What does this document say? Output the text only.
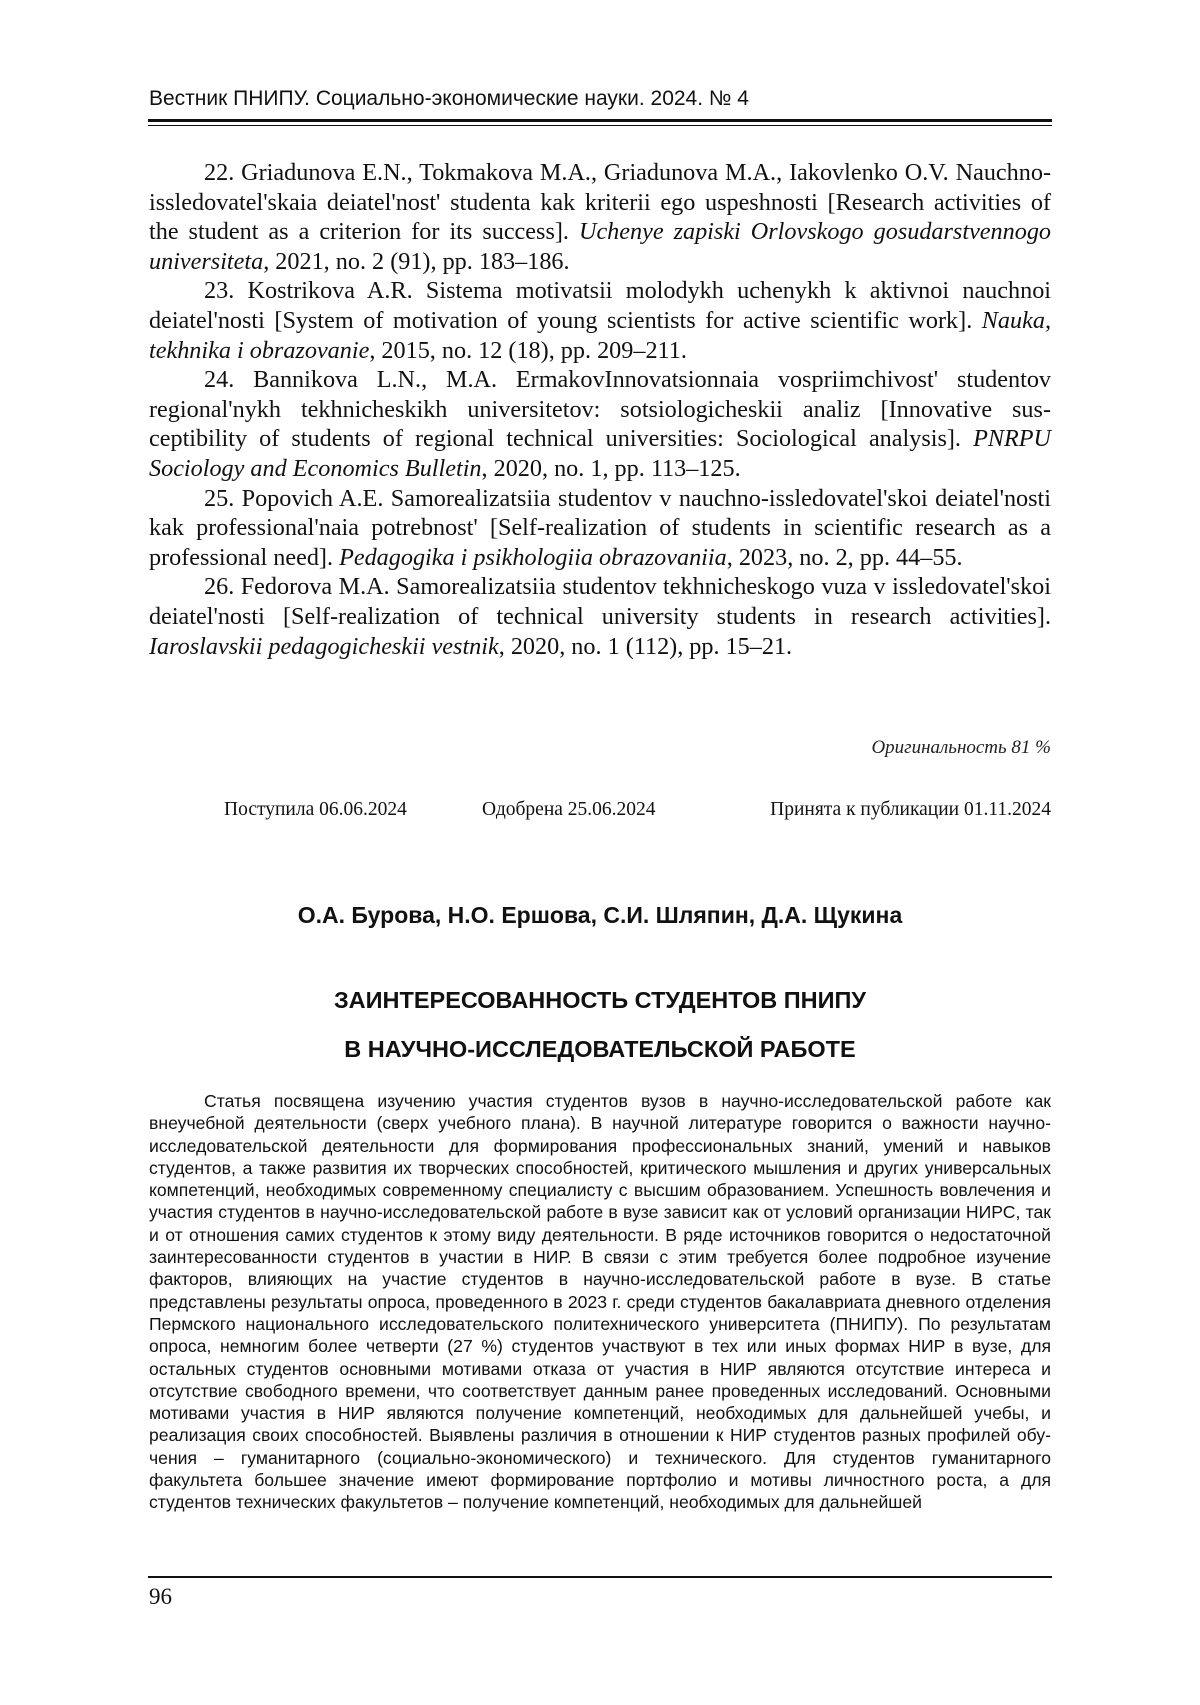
Вестник ПНИПУ. Социально-экономические науки. 2024. № 4

22. Griadunova E.N., Tokmakova M.A., Griadunova M.A., Iakovlenko O.V. Nauchno-issledovatel'skaia deiatel'nost' studenta kak kriterii ego uspeshnosti [Re­search activities of the student as a criterion for its success]. Uchenye zapiski Orlovskogo gosudarstvennogo universiteta, 2021, no. 2 (91), pp. 183–186.

23. Kostrikova A.R. Sistema motivatsii molodykh uchenykh k aktivnoi nauch­noi deiatel'nosti [System of motivation of young scientists for active scientific work]. Nauka, tekhnika i obrazovanie, 2015, no. 12 (18), pp. 209–211.

24. Bannikova L.N., M.A. ErmakovInnovatsionnaia vospriimchivost' studentov regional'nykh tekhnicheskikh universitetov: sotsiologicheskii analiz [Innovative sus­ceptibility of students of regional technical universities: Sociological analysis]. PNRPU Sociology and Economics Bulletin, 2020, no. 1, pp. 113–125.

25. Popovich A.E. Samorealizatsiia studentov v nauchno-issledovatel'skoi deiatel'nosti kak professional'naia potrebnost' [Self-realization of students in scientific research as a professional need]. Pedagogika i psikhologiia obrazovaniia, 2023, no. 2, pp. 44–55.

26. Fedorova M.A. Samorealizatsiia studentov tekhnicheskogo vuza v issle­dovatel'skoi deiatel'nosti [Self-realization of technical university students in research activities]. Iaroslavskii pedagogicheskii vestnik, 2020, no. 1 (112), pp. 15–21.

Оригинальность 81 %
Поступила 06.06.2024	Одобрена 25.06.2024	Принята к публикации 01.11.2024
О.А. Бурова, Н.О. Ершова, С.И. Шляпин, Д.А. Щукина
ЗАИНТЕРЕСОВАННОСТЬ СТУДЕНТОВ ПНИПУ
В НАУЧНО-ИССЛЕДОВАТЕЛЬСКОЙ РАБОТЕ

Статья посвящена изучению участия студентов вузов в научно-исследовательской работе как внеучебной деятельности (сверх учебного плана). В научной литературе говорится о важности научно-исследовательской деятельности для формирования профессиональных знаний, умений и навыков студентов, а также развития их творческих способностей, критического мышления и других универсальных компетенций, необходимых современному специалисту с высшим образованием. Успешность вовлечения и участия студентов в научно-исследовательской работе в вузе зависит как от условий организации НИРС, так и от отношения самих студентов к этому виду деятельности. В ряде источников говорится о недостаточной заинтересованности студентов в участии в НИР. В связи с этим требуется более подробное изучение факторов, влияющих на участие студентов в научно-исследовательской работе в вузе. В статье представлены результаты опроса, проведенного в 2023 г. среди студентов бакалавриата дневного отделения Пермского национального исследова­тельского политехнического университета (ПНИПУ). По результатам опроса, немногим более чет­верти (27 %) студентов участвуют в тех или иных формах НИР в вузе, для остальных студентов основными мотивами отказа от участия в НИР являются отсутствие интереса и отсутствие свобод­ного времени, что соответствует данным ранее проведенных исследований. Основными мотивами участия в НИР являются получение компетенций, необходимых для дальнейшей учебы, и реализа­ция своих способностей. Выявлены различия в отношении к НИР студентов разных профилей обу­чения – гуманитарного (социально-экономического) и технического. Для студентов гуманитарного факультета большее значение имеют формирование портфолио и мотивы личностного роста, а для студентов технических факультетов – получение компетенций, необходимых для дальнейшей

96
